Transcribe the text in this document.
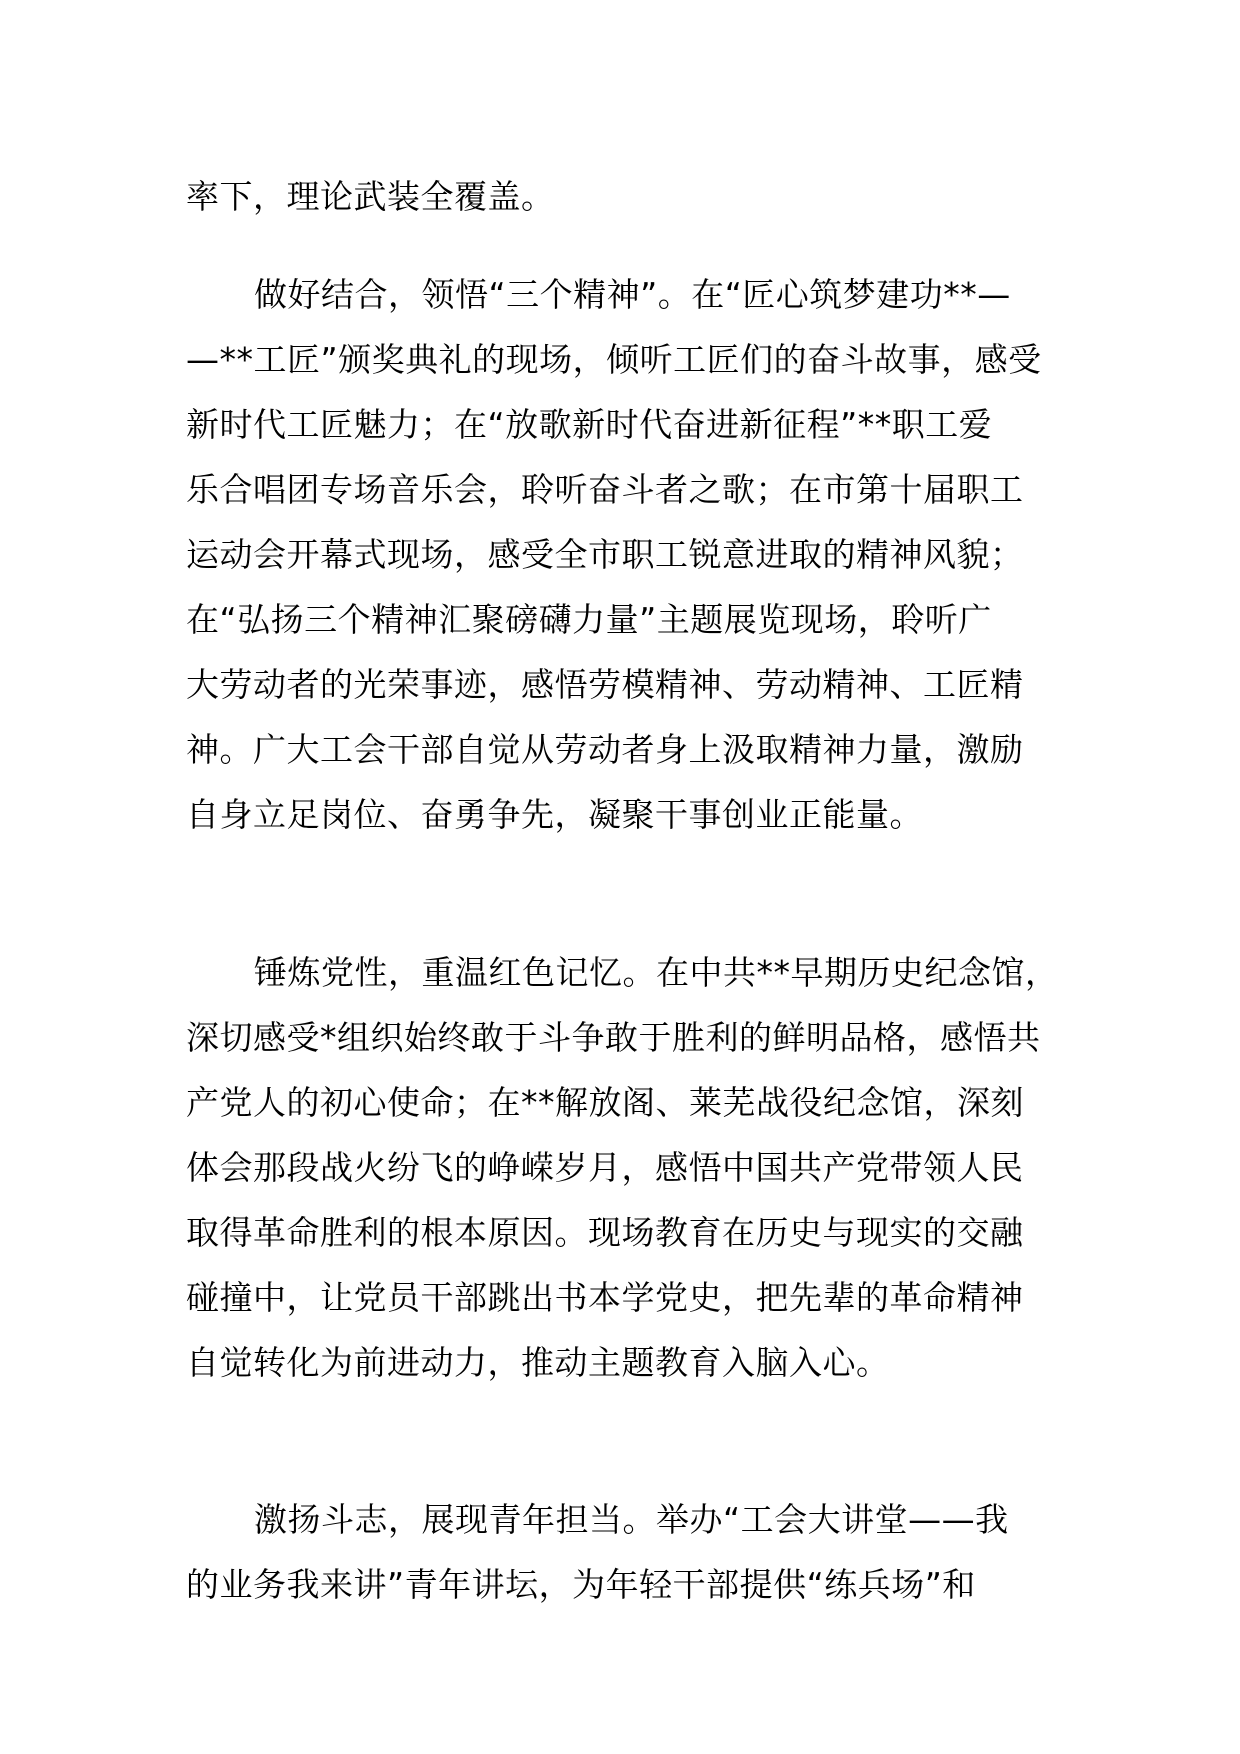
率下，理论武装全覆盖。
做好结合，领悟“三个精神”。在“匠心筑梦建功**—
—**工匠”颁奖典礼的现场，倾听工匠们的奋斗故事，感受
新时代工匠魅力；在“放歌新时代奋进新征程”**职工爱
乐合唱团专场音乐会，聆听奋斗者之歌；在市第十届职工
运动会开幕式现场，感受全市职工锐意进取的精神风貌；
在“弘扬三个精神汇聚磅礴力量”主题展览现场，聆听广
大劳动者的光荣事迹，感悟劳模精神、劳动精神、工匠精
神。广大工会干部自觉从劳动者身上汲取精神力量，激励
自身立足岗位、奋勇争先，凝聚干事创业正能量。
锤炼党性，重温红色记忆。在中共**早期历史纪念馆，
深切感受*组织始终敢于斗争敢于胜利的鲜明品格，感悟共
产党人的初心使命；在**解放阁、莱芜战役纪念馆，深刻
体会那段战火纷飞的峥嵘岁月，感悟中国共产党带领人民
取得革命胜利的根本原因。现场教育在历史与现实的交融
碰撞中，让党员干部跳出书本学党史，把先辈的革命精神
自觉转化为前进动力，推动主题教育入脑入心。
激扬斗志，展现青年担当。举办“工会大讲堂——我
的业务我来讲”青年讲坛，为年轻干部提供“练兵场”和
